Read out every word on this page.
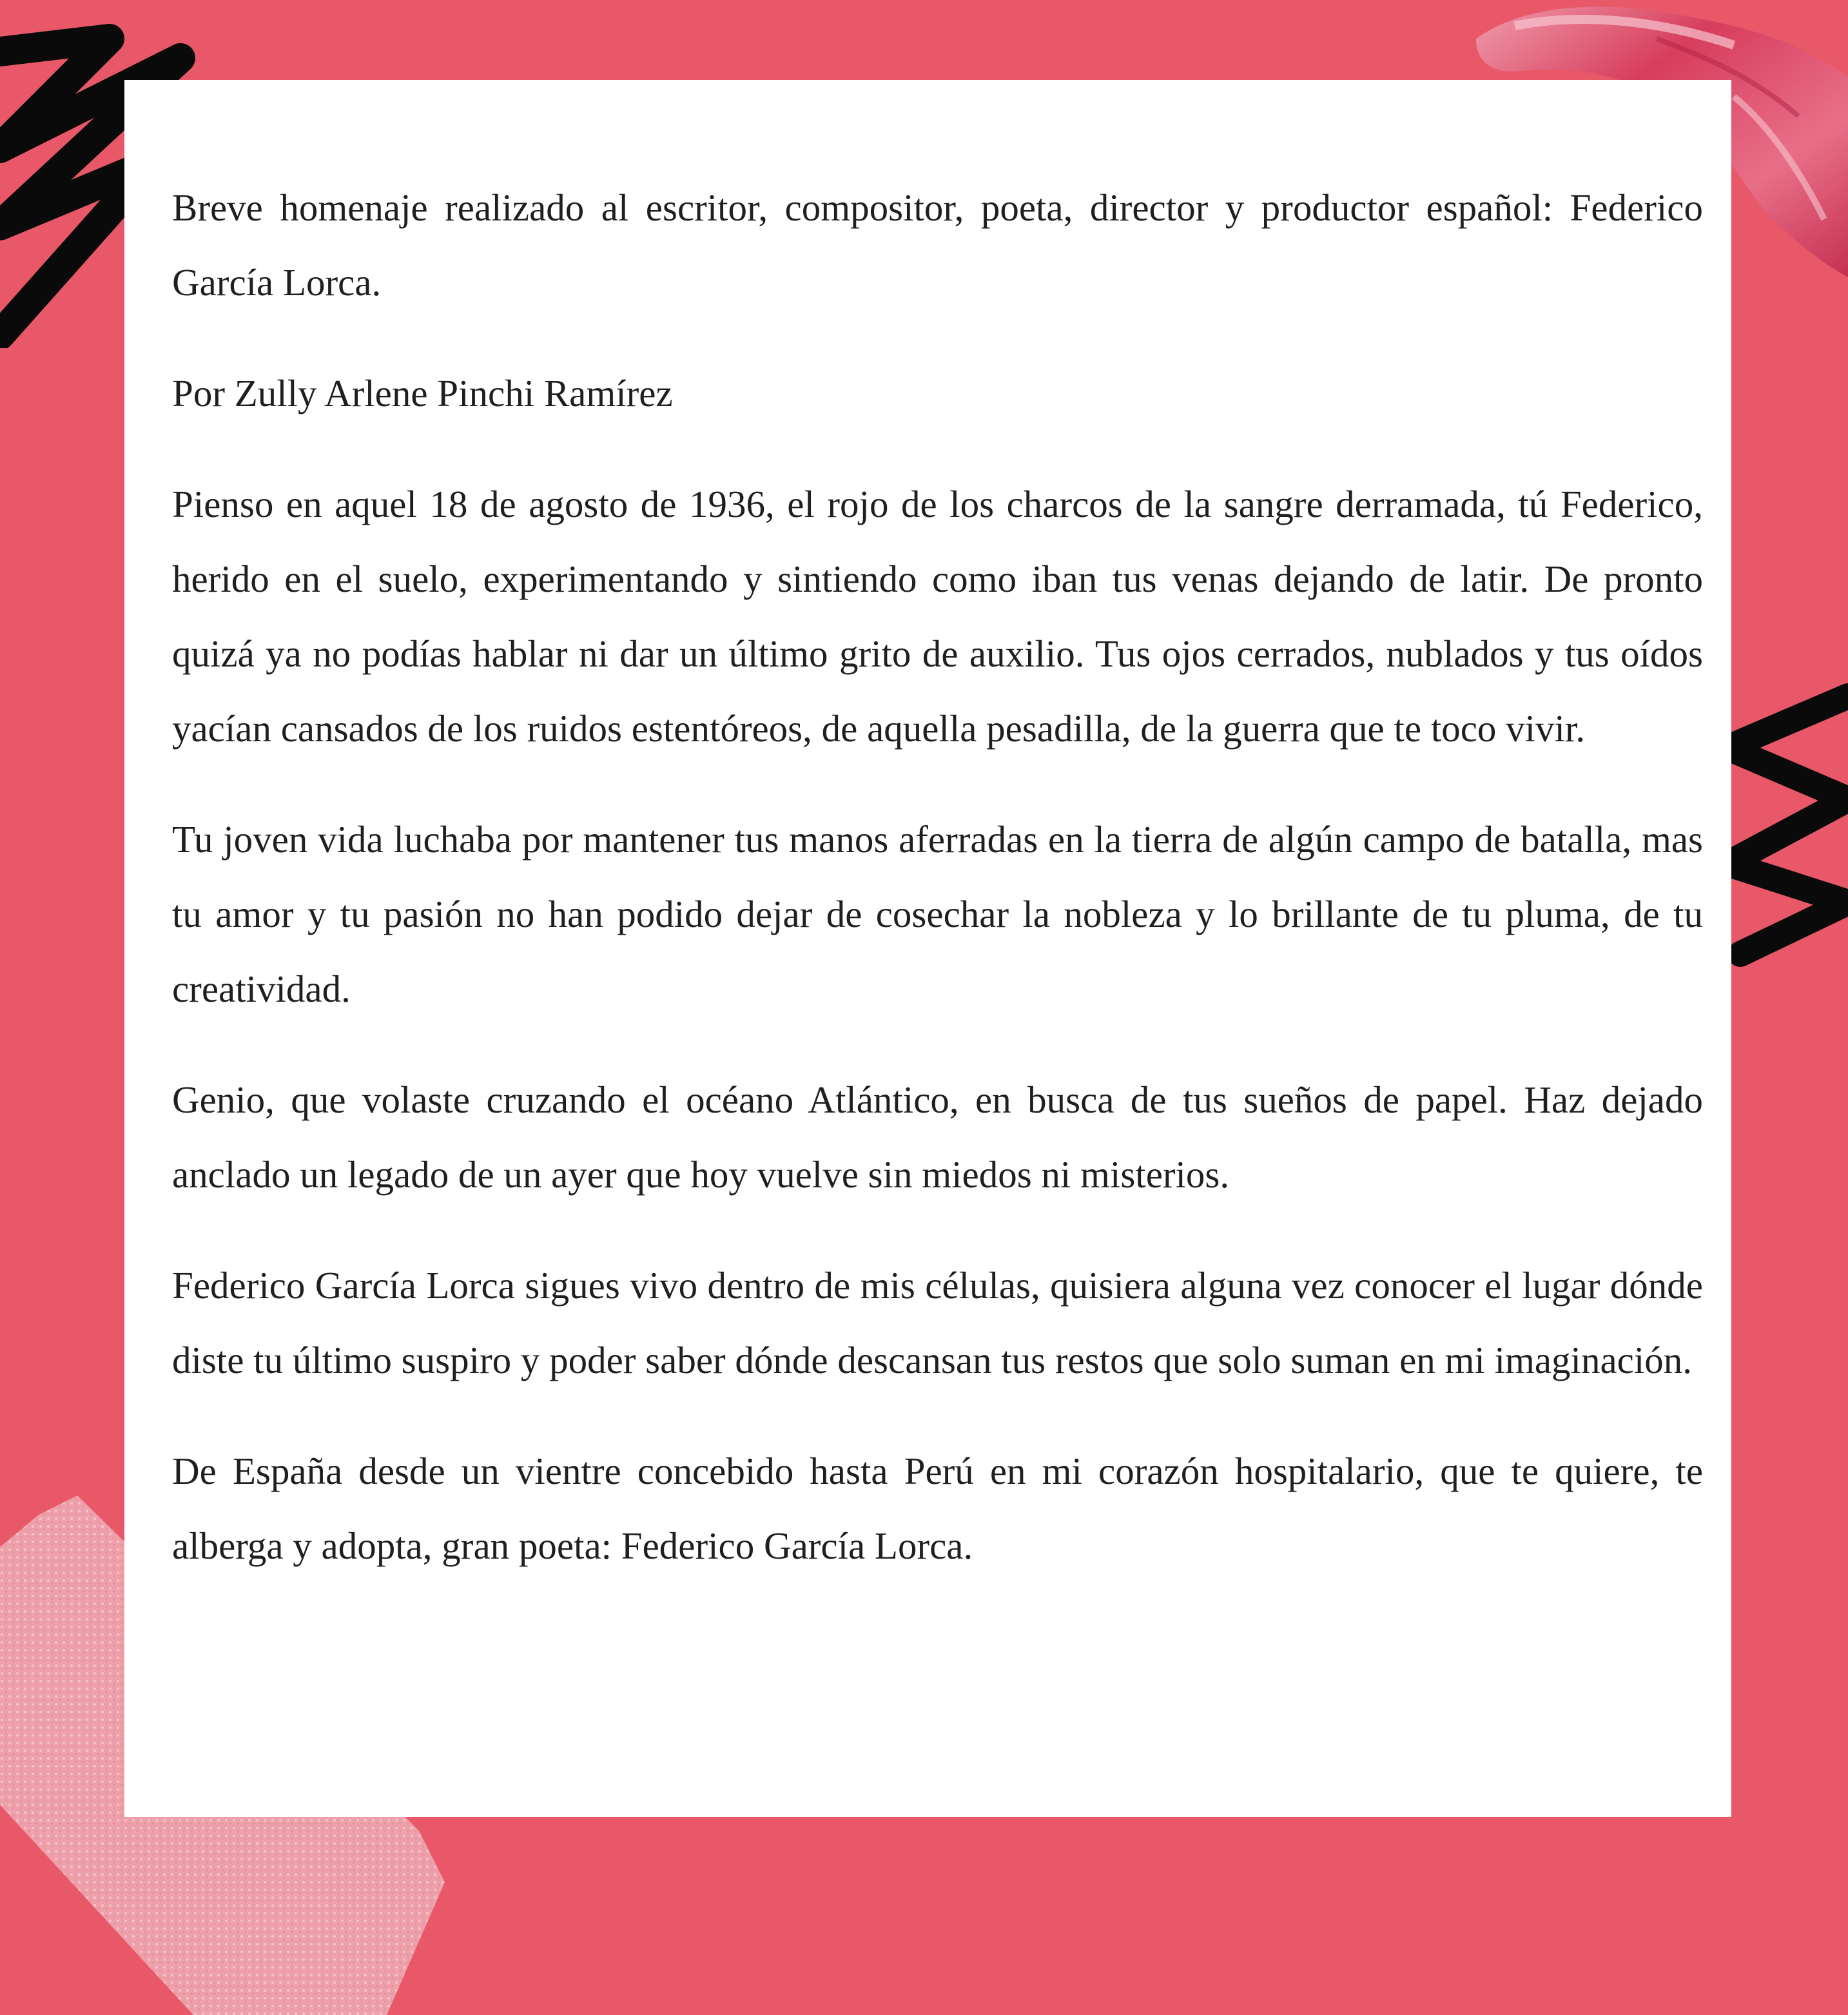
Breve homenaje realizado al escritor, compositor, poeta, director y productor español: Federico García Lorca.

Por Zully Arlene Pinchi Ramírez

Pienso en aquel 18 de agosto de 1936, el rojo de los charcos de la sangre derramada, tú Federico, herido en el suelo, experimentando y sintiendo como iban tus venas dejando de latir. De pronto quizá ya no podías hablar ni dar un último grito de auxilio. Tus ojos cerrados, nublados y tus oídos yacían cansados de los ruidos estentóreos, de aquella pesadilla, de la guerra que te toco vivir.

Tu joven vida luchaba por mantener tus manos aferradas en la tierra de algún campo de batalla, mas tu amor y tu pasión no han podido dejar de cosechar la nobleza y lo brillante de tu pluma, de tu creatividad.

Genio, que volaste cruzando el océano Atlántico, en busca de tus sueños de papel. Haz dejado anclado un legado de un ayer que hoy vuelve sin miedos ni misterios.

Federico García Lorca sigues vivo dentro de mis células, quisiera alguna vez conocer el lugar dónde diste tu último suspiro y poder saber dónde descansan tus restos que solo suman en mi imaginación.

De España desde un vientre concebido hasta Perú en mi corazón hospitalario, que te quiere, te alberga y adopta, gran poeta: Federico García Lorca.
